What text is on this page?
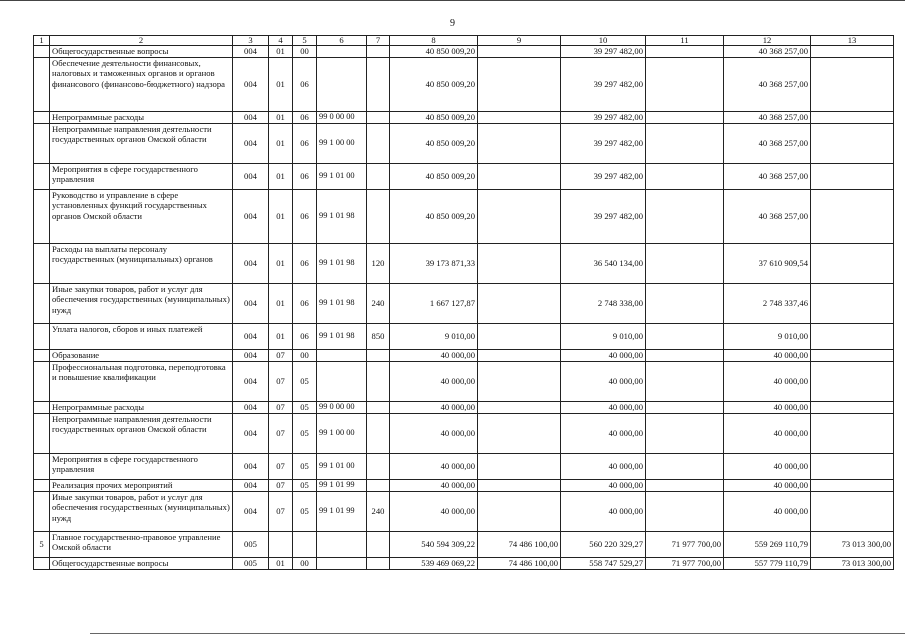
9
1	2	3	4	5	6	7	8	9	10	11	12	13
	Общегосударственные вопросы	004	01	00			40 850 009,20		39 297 482,00		40 368 257,00	
	Обеспечение деятельности финансовых, налоговых и таможенных органов и органов финансового (финансово-бюджетного) надзора	004	01	06			40 850 009,20		39 297 482,00		40 368 257,00	
	Непрограммные расходы	004	01	06	99 0 00 00		40 850 009,20		39 297 482,00		40 368 257,00	
	Непрограммные направления деятельности государственных органов Омской области	004	01	06	99 1 00 00		40 850 009,20		39 297 482,00		40 368 257,00	
	Мероприятия в сфере государственного управления	004	01	06	99 1 01 00		40 850 009,20		39 297 482,00		40 368 257,00	
	Руководство и управление в сфере установленных функций государственных органов Омской области	004	01	06	99 1 01 98		40 850 009,20		39 297 482,00		40 368 257,00	
	Расходы на выплаты персоналу государственных (муниципальных) органов	004	01	06	99 1 01 98	120	39 173 871,33		36 540 134,00		37 610 909,54	
	Иные закупки товаров, работ и услуг для обеспечения государственных (муниципальных) нужд	004	01	06	99 1 01 98	240	1 667 127,87		2 748 338,00		2 748 337,46	
	Уплата налогов, сборов и иных платежей	004	01	06	99 1 01 98	850	9 010,00		9 010,00		9 010,00	
	Образование	004	07	00			40 000,00		40 000,00		40 000,00	
	Профессиональная подготовка, переподготовка и повышение квалификации	004	07	05			40 000,00		40 000,00		40 000,00	
	Непрограммные расходы	004	07	05	99 0 00 00		40 000,00		40 000,00		40 000,00	
	Непрограммные направления деятельности государственных органов Омской области	004	07	05	99 1 00 00		40 000,00		40 000,00		40 000,00	
	Мероприятия в сфере государственного управления	004	07	05	99 1 01 00		40 000,00		40 000,00		40 000,00	
	Реализация прочих мероприятий	004	07	05	99 1 01 99		40 000,00		40 000,00		40 000,00	
	Иные закупки товаров, работ и услуг для обеспечения государственных (муниципальных) нужд	004	07	05	99 1 01 99	240	40 000,00		40 000,00		40 000,00	
5	Главное государственно-правовое управление Омской области	005					540 594 309,22	74 486 100,00	560 220 329,27	71 977 700,00	559 269 110,79	73 013 300,00
	Общегосударственные вопросы	005	01	00			539 469 069,22	74 486 100,00	558 747 529,27	71 977 700,00	557 779 110,79	73 013 300,00
